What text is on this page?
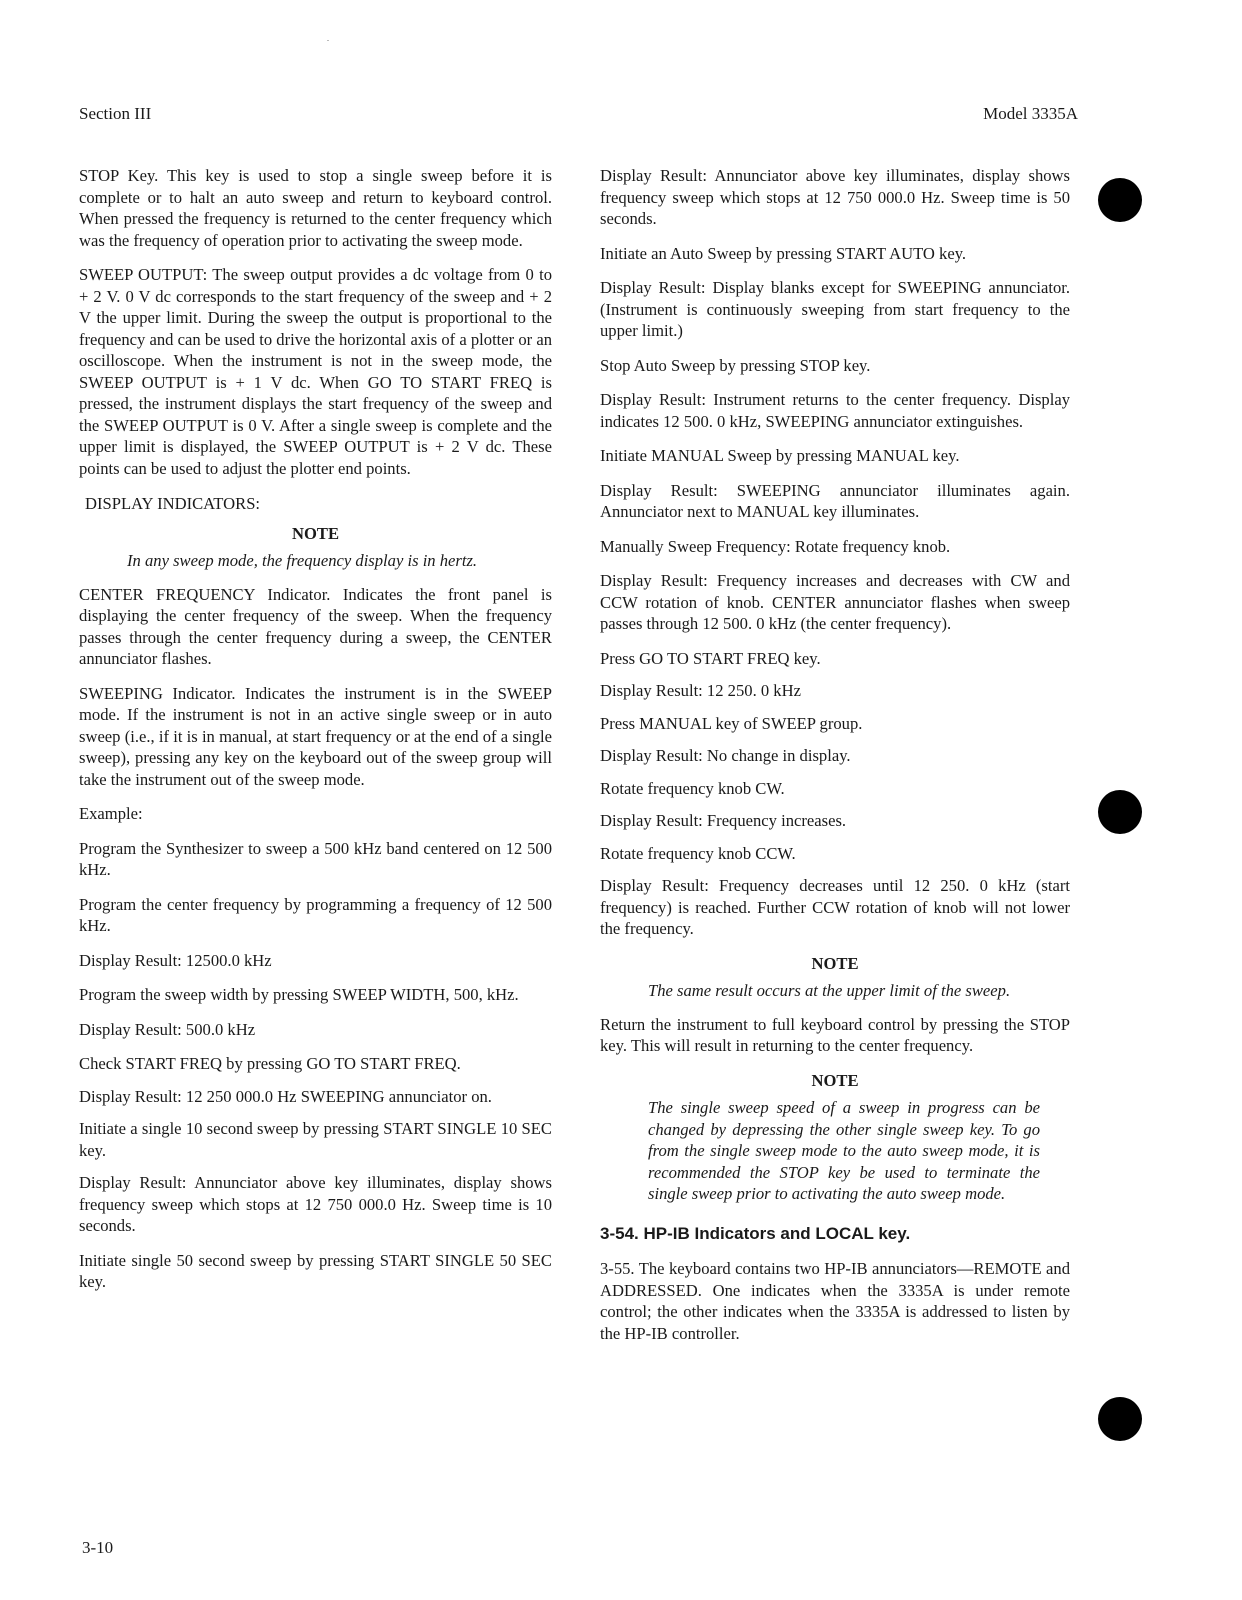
Section III	Model 3335A

STOP Key. This key is used to stop a single sweep before it is complete or to halt an auto sweep and return to keyboard control. When pressed the frequency is returned to the center frequency which was the frequency of operation prior to activating the sweep mode.

SWEEP OUTPUT: The sweep output provides a dc voltage from 0 to + 2 V. 0 V dc corresponds to the start frequency of the sweep and + 2 V the upper limit. During the sweep the output is proportional to the frequency and can be used to drive the horizontal axis of a plotter or an oscilloscope. When the instrument is not in the sweep mode, the SWEEP OUTPUT is + 1 V dc. When GO TO START FREQ is pressed, the instrument displays the start frequency of the sweep and the SWEEP OUTPUT is 0 V. After a single sweep is complete and the upper limit is displayed, the SWEEP OUTPUT is + 2 V dc. These points can be used to adjust the plotter end points.

DISPLAY INDICATORS:
NOTE
In any sweep mode, the frequency display is in hertz.

CENTER FREQUENCY Indicator. Indicates the front panel is displaying the center frequency of the sweep. When the frequency passes through the center frequency during a sweep, the CENTER annunciator flashes.

SWEEPING Indicator. Indicates the instrument is in the SWEEP mode. If the instrument is not in an active single sweep or in auto sweep (i.e., if it is in manual, at start frequency or at the end of a single sweep), pressing any key on the keyboard out of the sweep group will take the instrument out of the sweep mode.

Example:

Program the Synthesizer to sweep a 500 kHz band centered on 12 500 kHz.

Program the center frequency by programming a frequency of 12 500 kHz.

Display Result: 12500.0 kHz

Program the sweep width by pressing SWEEP WIDTH, 500, kHz.

Display Result: 500.0 kHz

Check START FREQ by pressing GO TO START FREQ.

Display Result: 12 250 000.0 Hz SWEEPING annunciator on.

Initiate a single 10 second sweep by pressing START SINGLE 10 SEC key.

Display Result: Annunciator above key illuminates, display shows frequency sweep which stops at 12 750 000.0 Hz. Sweep time is 10 seconds.

Initiate single 50 second sweep by pressing START SINGLE 50 SEC key.

Display Result: Annunciator above key illuminates, display shows frequency sweep which stops at 12 750 000.0 Hz. Sweep time is 50 seconds.

Initiate an Auto Sweep by pressing START AUTO key.

Display Result: Display blanks except for SWEEPING annunciator. (Instrument is continuously sweeping from start frequency to the upper limit.)

Stop Auto Sweep by pressing STOP key.

Display Result: Instrument returns to the center frequency. Display indicates 12 500. 0 kHz, SWEEPING annunciator extinguishes.

Initiate MANUAL Sweep by pressing MANUAL key.

Display Result: SWEEPING annunciator illuminates again. Annunciator next to MANUAL key illuminates.

Manually Sweep Frequency: Rotate frequency knob.

Display Result: Frequency increases and decreases with CW and CCW rotation of knob. CENTER annunciator flashes when sweep passes through 12 500. 0 kHz (the center frequency).

Press GO TO START FREQ key.

Display Result: 12 250. 0 kHz

Press MANUAL key of SWEEP group.

Display Result: No change in display.

Rotate frequency knob CW.

Display Result: Frequency increases.

Rotate frequency knob CCW.

Display Result: Frequency decreases until 12 250. 0 kHz (start frequency) is reached. Further CCW rotation of knob will not lower the frequency.

NOTE
The same result occurs at the upper limit of the sweep.

Return the instrument to full keyboard control by pressing the STOP key. This will result in returning to the center frequency.

NOTE
The single sweep speed of a sweep in progress can be changed by depressing the other single sweep key. To go from the single sweep mode to the auto sweep mode, it is recommended the STOP key be used to terminate the single sweep prior to activating the auto sweep mode.
3-54. HP-IB Indicators and LOCAL key.

3-55. The keyboard contains two HP-IB annunciators—REMOTE and ADDRESSED. One indicates when the 3335A is under remote control; the other indicates when the 3335A is addressed to listen by the HP-IB controller.

3-10
